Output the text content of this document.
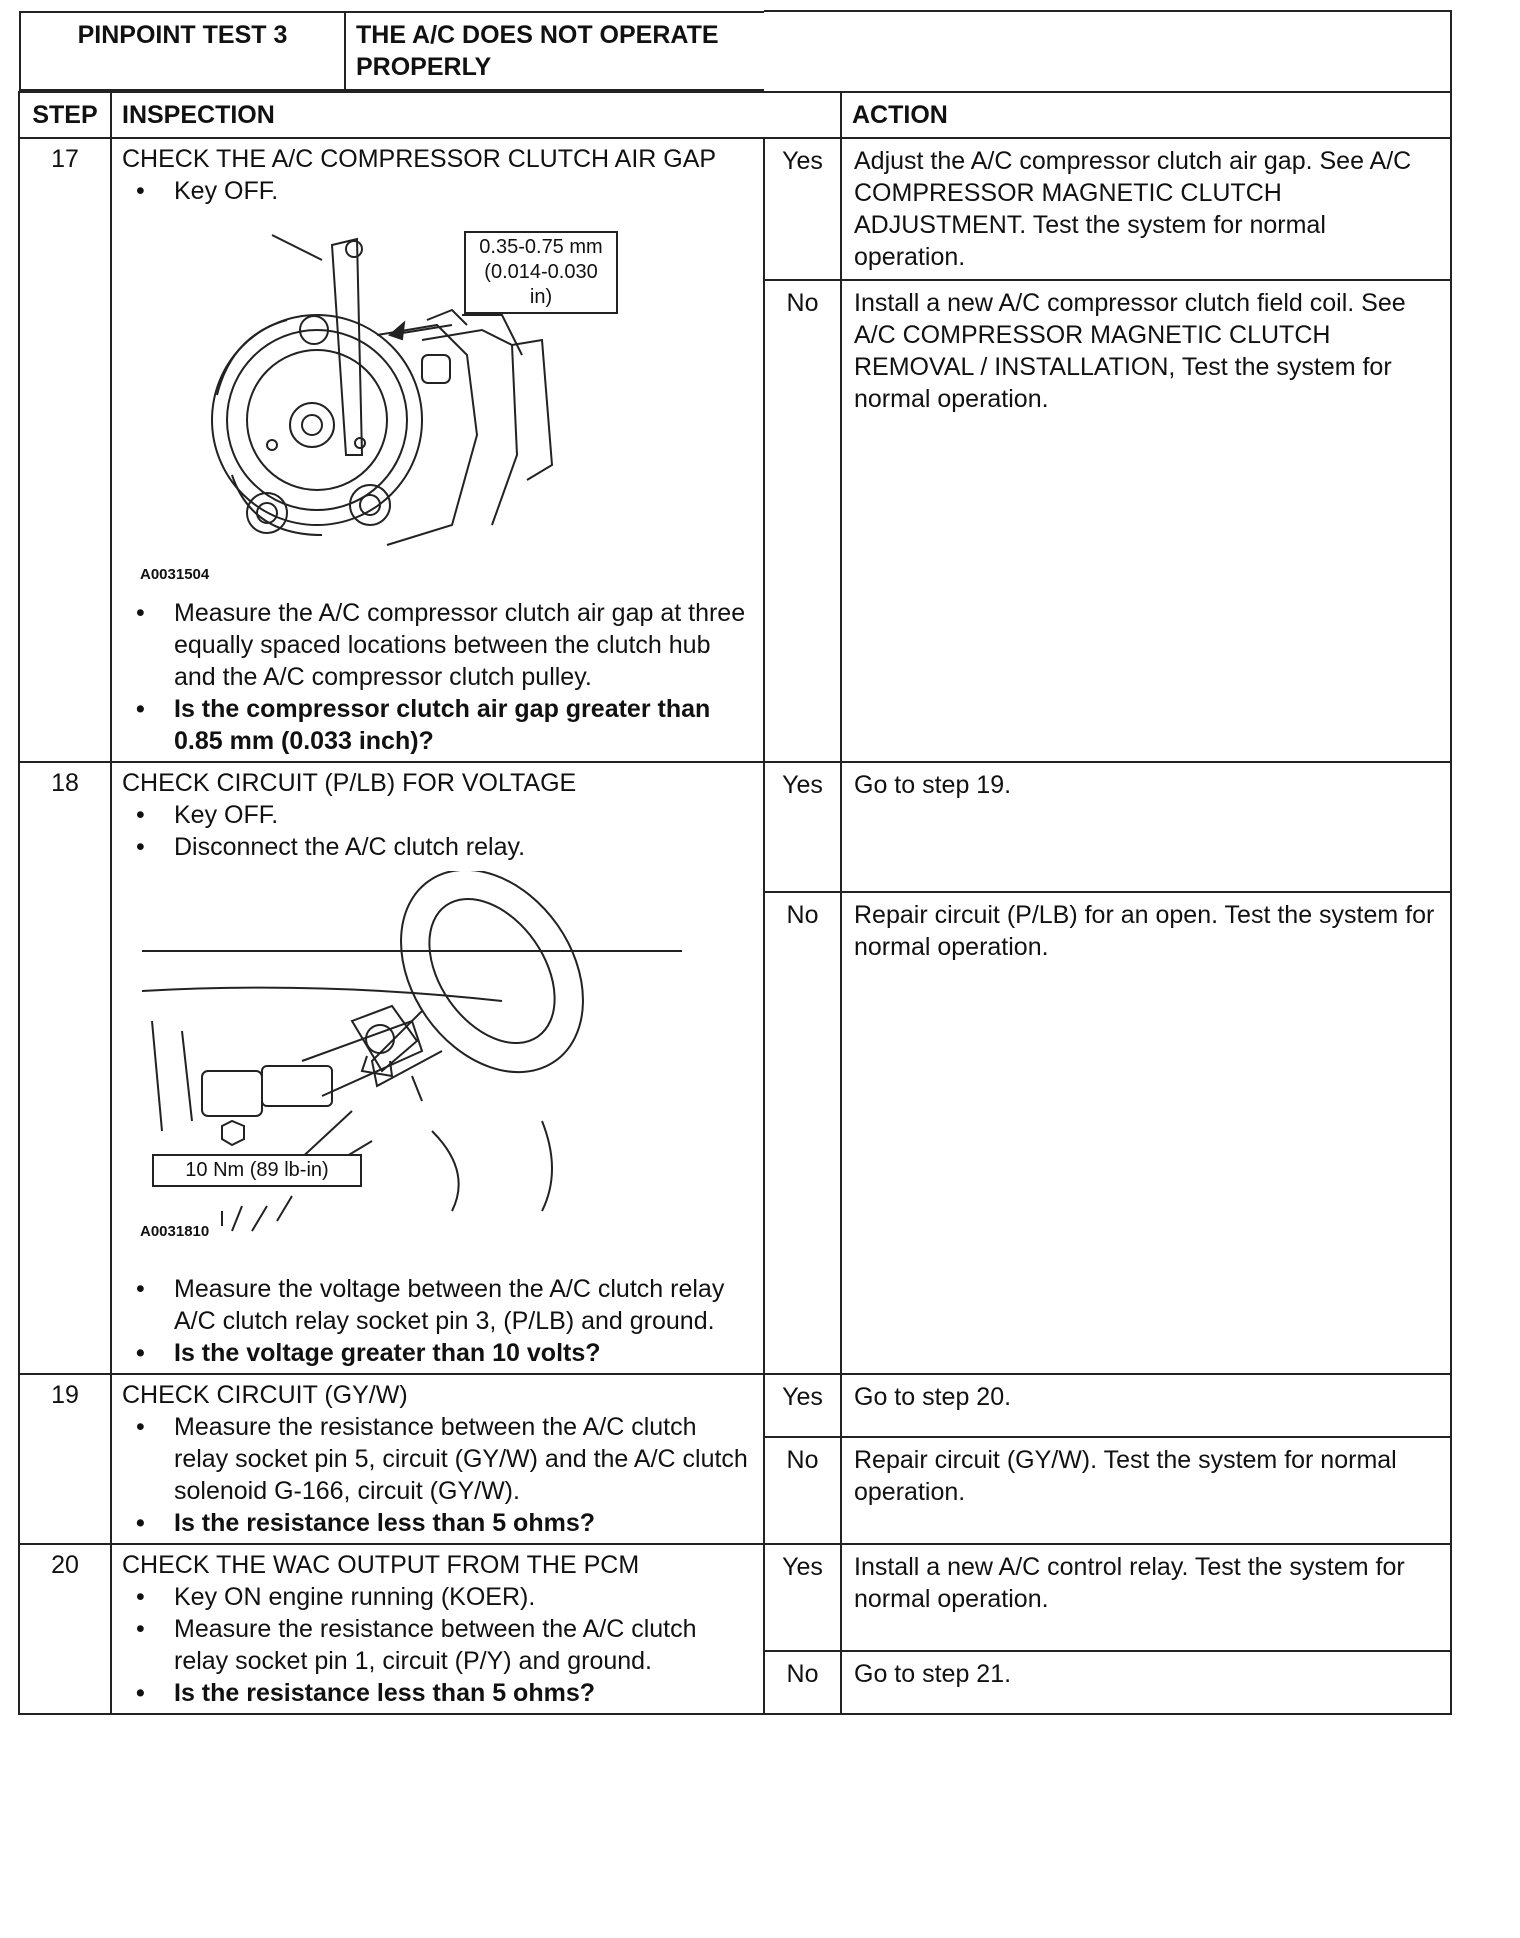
PINPOINT TEST 3	THE A/C DOES NOT OPERATE PROPERLY

STEP	INSPECTION	ACTION
17	CHECK THE A/C COMPRESSOR CLUTCH AIR GAP
• Key OFF.
0.35-0.75 mm
(0.014-0.030 in)
A0031504
• Measure the A/C compressor clutch air gap at three equally spaced locations between the clutch hub and the A/C compressor clutch pulley.
• Is the compressor clutch air gap greater than 0.85 mm (0.033 inch)?
	Yes	Adjust the A/C compressor clutch air gap. See A/C COMPRESSOR MAGNETIC CLUTCH ADJUSTMENT. Test the system for normal operation.
No	Install a new A/C compressor clutch field coil. See A/C COMPRESSOR MAGNETIC CLUTCH REMOVAL / INSTALLATION, Test the system for normal operation.
18	CHECK CIRCUIT (P/LB) FOR VOLTAGE
• Key OFF.
• Disconnect the A/C clutch relay.
10 Nm (89 lb-in)
A0031810
• Measure the voltage between the A/C clutch relay A/C clutch relay socket pin 3, (P/LB) and ground.
• Is the voltage greater than 10 volts?
	Yes	Go to step 19.
No	Repair circuit (P/LB) for an open. Test the system for normal operation.
19	CHECK CIRCUIT (GY/W)
• Measure the resistance between the A/C clutch relay socket pin 5, circuit (GY/W) and the A/C clutch solenoid G-166, circuit (GY/W).
• Is the resistance less than 5 ohms?
	Yes	Go to step 20.
No	Repair circuit (GY/W). Test the system for normal operation.
20	CHECK THE WAC OUTPUT FROM THE PCM
• Key ON engine running (KOER).
• Measure the resistance between the A/C clutch relay socket pin 1, circuit (P/Y) and ground.
• Is the resistance less than 5 ohms?
	Yes	Install a new A/C control relay. Test the system for normal operation.
No	Go to step 21.
